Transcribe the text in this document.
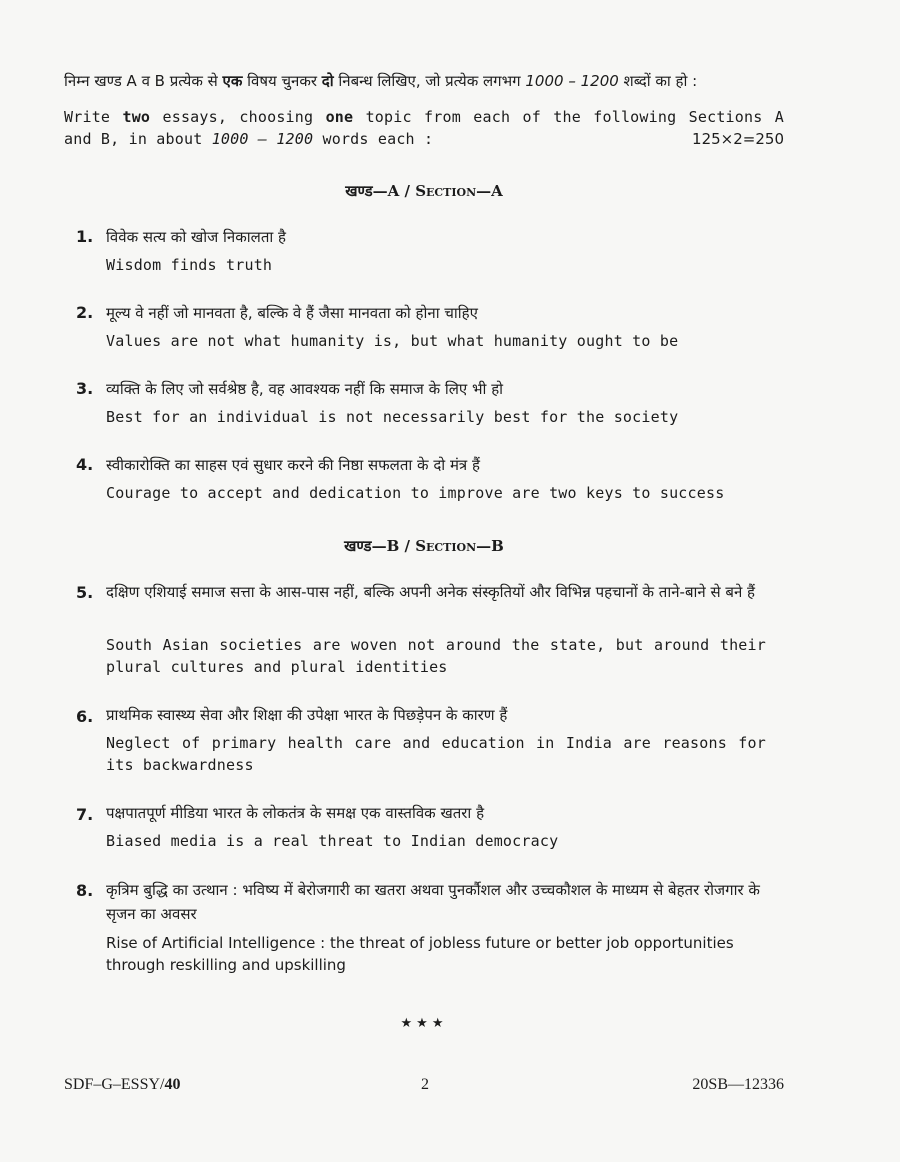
निम्न खण्ड A व B प्रत्येक से एक विषय चुनकर दो निबन्ध लिखिए, जो प्रत्येक लगभग 1000 – 1200 शब्दों का हो :
Write two essays, choosing one topic from each of the following Sections A and B, in about 1000 – 1200 words each :	125×2=250
खण्ड—A / Section—A
1. विवेक सत्य को खोज निकालता है
Wisdom finds truth
2. मूल्य वे नहीं जो मानवता है, बल्कि वे हैं जैसा मानवता को होना चाहिए
Values are not what humanity is, but what humanity ought to be
3. व्यक्ति के लिए जो सर्वश्रेष्ठ है, वह आवश्यक नहीं कि समाज के लिए भी हो
Best for an individual is not necessarily best for the society
4. स्वीकारोक्ति का साहस एवं सुधार करने की निष्ठा सफलता के दो मंत्र हैं
Courage to accept and dedication to improve are two keys to success
खण्ड—B / Section—B
5. दक्षिण एशियाई समाज सत्ता के आस-पास नहीं, बल्कि अपनी अनेक संस्कृतियों और विभिन्न पहचानों के ताने-बाने से बने हैं
South Asian societies are woven not around the state, but around their plural cultures and plural identities
6. प्राथमिक स्वास्थ्य सेवा और शिक्षा की उपेक्षा भारत के पिछड़ेपन के कारण हैं
Neglect of primary health care and education in India are reasons for its backwardness
7. पक्षपातपूर्ण मीडिया भारत के लोकतंत्र के समक्ष एक वास्तविक खतरा है
Biased media is a real threat to Indian democracy
8. कृत्रिम बुद्धि का उत्थान : भविष्य में बेरोजगारी का खतरा अथवा पुनर्कौशल और उच्चकौशल के माध्यम से बेहतर रोजगार के सृजन का अवसर
Rise of Artificial Intelligence : the threat of jobless future or better job opportunities through reskilling and upskilling
★★★
SDF–G–ESSY/40	2	20SB—12336
